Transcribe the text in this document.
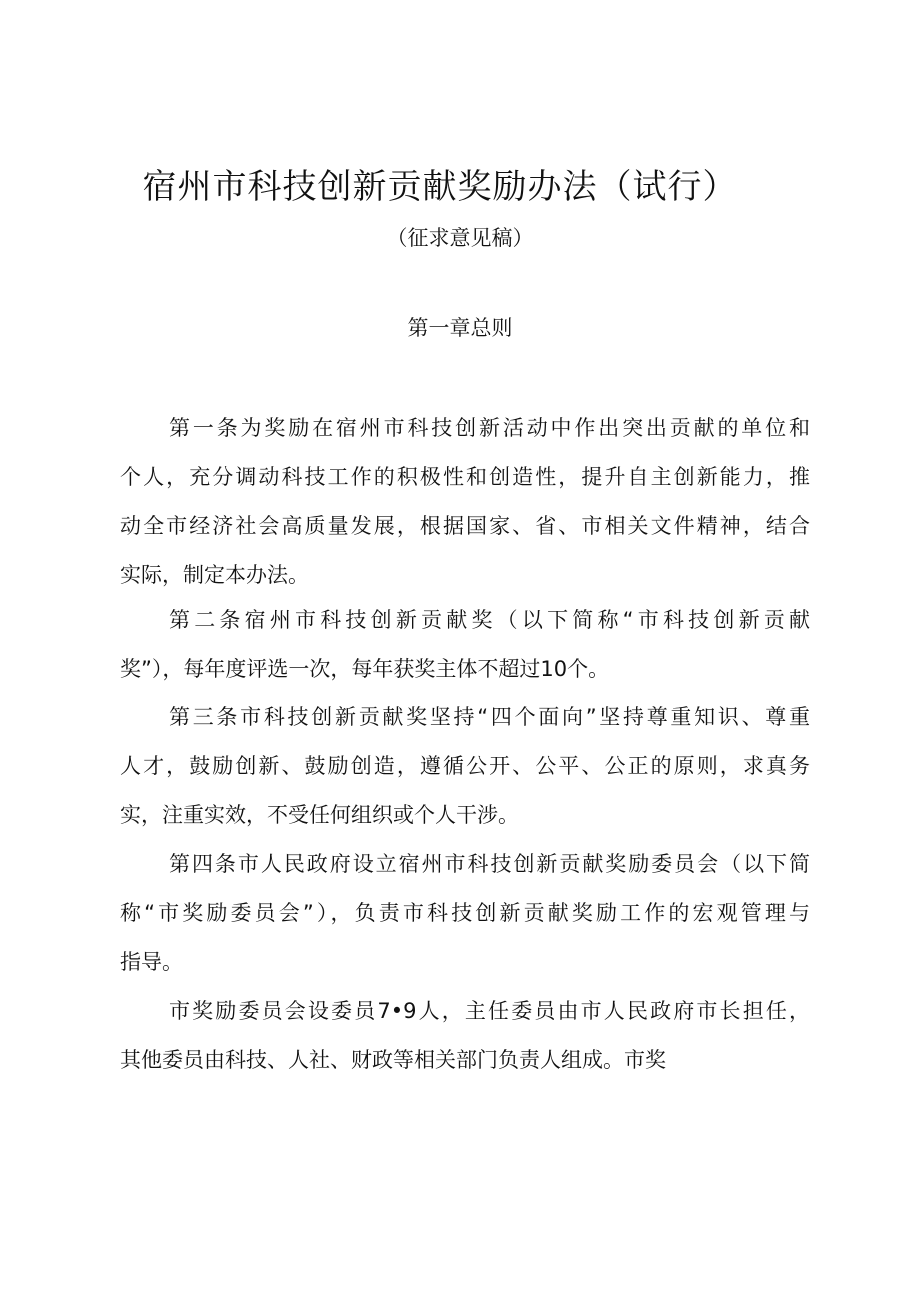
宿州市科技创新贡献奖励办法（试行）
（征求意见稿）
第一章总则
第一条为奖励在宿州市科技创新活动中作出突出贡献的单位和
个人，充分调动科技工作的积极性和创造性，提升自主创新能力，推
动全市经济社会高质量发展，根据国家、省、市相关文件精神，结合
实际，制定本办法。
第二条宿州市科技创新贡献奖（以下简称“市科技创新贡献
奖”），每年度评选一次，每年获奖主体不超过10个。
第三条市科技创新贡献奖坚持“四个面向”坚持尊重知识、尊重
人才，鼓励创新、鼓励创造，遵循公开、公平、公正的原则，求真务
实，注重实效，不受任何组织或个人干涉。
第四条市人民政府设立宿州市科技创新贡献奖励委员会（以下简
称“市奖励委员会”），负责市科技创新贡献奖励工作的宏观管理与
指导。
市奖励委员会设委员7•9人，主任委员由市人民政府市长担任，
其他委员由科技、人社、财政等相关部门负责人组成。市奖
